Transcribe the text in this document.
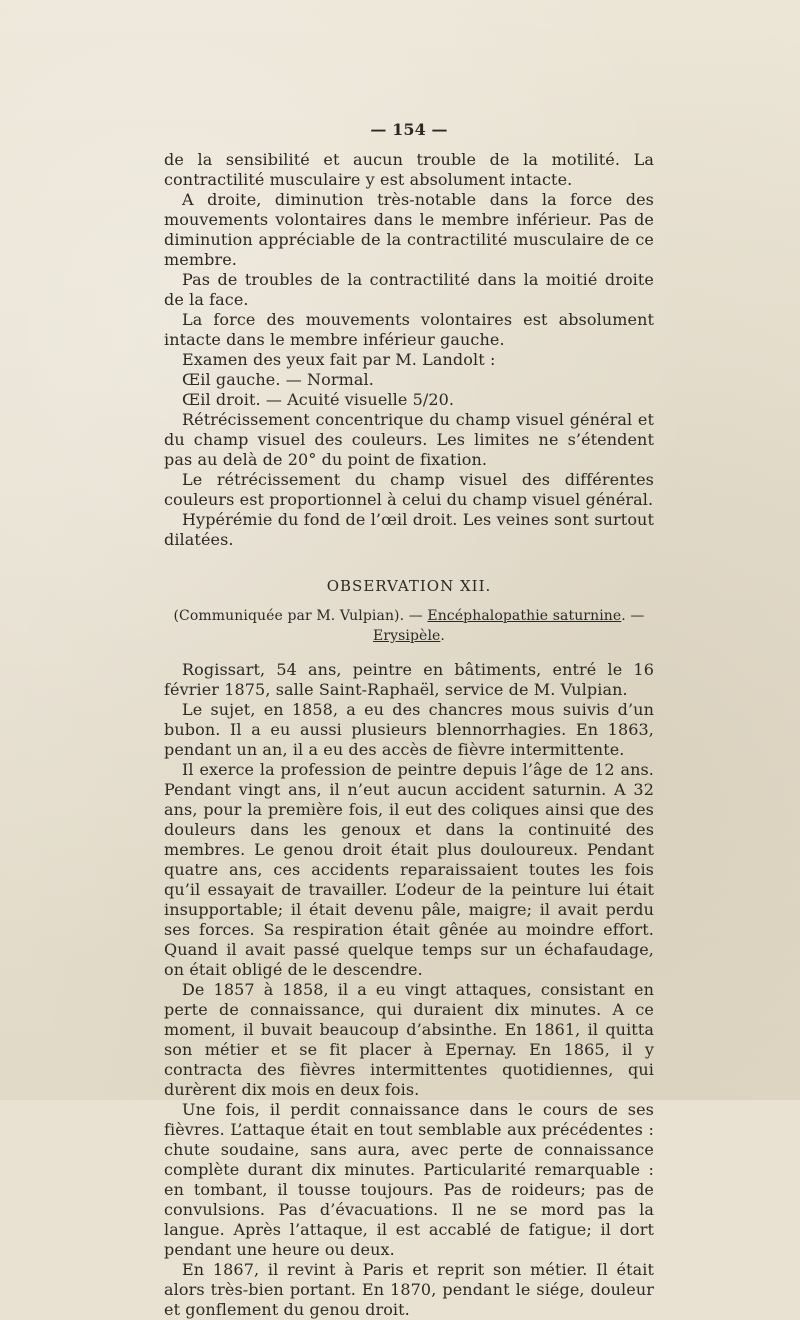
— 154 —

de la sensibilité et aucun trouble de la motilité. La contractilité musculaire y est absolument intacte.

A droite, diminution très-notable dans la force des mouvements volontaires dans le membre inférieur. Pas de diminution appréciable de la contractilité musculaire de ce membre.

Pas de troubles de la contractilité dans la moitié droite de la face.

La force des mouvements volontaires est absolument intacte dans le membre inférieur gauche.

Examen des yeux fait par M. Landolt :

Œil gauche. — Normal.

Œil droit. — Acuité visuelle 5/20.

Rétrécissement concentrique du champ visuel général et du champ visuel des couleurs. Les limites ne s’étendent pas au delà de 20° du point de fixation.

Le rétrécissement du champ visuel des différentes couleurs est proportionnel à celui du champ visuel général.

Hypérémie du fond de l’œil droit. Les veines sont surtout dilatées.

OBSERVATION XII.
(Communiquée par M. Vulpian). — Encéphalopathie saturnine. — Erysipèle.

Rogissart, 54 ans, peintre en bâtiments, entré le 16 février 1875, salle Saint-Raphaël, service de M. Vulpian.

Le sujet, en 1858, a eu des chancres mous suivis d’un bubon. Il a eu aussi plusieurs blennorrhagies. En 1863, pendant un an, il a eu des accès de fièvre intermittente.

Il exerce la profession de peintre depuis l’âge de 12 ans. Pendant vingt ans, il n’eut aucun accident saturnin. A 32 ans, pour la première fois, il eut des coliques ainsi que des douleurs dans les genoux et dans la continuité des membres. Le genou droit était plus douloureux. Pendant quatre ans, ces accidents reparaissaient toutes les fois qu’il essayait de travailler. L’odeur de la peinture lui était insupportable; il était devenu pâle, maigre; il avait perdu ses forces. Sa respiration était gênée au moindre effort. Quand il avait passé quelque temps sur un échafaudage, on était obligé de le descendre.

De 1857 à 1858, il a eu vingt attaques, consistant en perte de connaissance, qui duraient dix minutes. A ce moment, il buvait beaucoup d’absinthe. En 1861, il quitta son métier et se fit placer à Epernay. En 1865, il y contracta des fièvres intermittentes quotidiennes, qui durèrent dix mois en deux fois.

Une fois, il perdit connaissance dans le cours de ses fièvres. L’attaque était en tout semblable aux précédentes : chute soudaine, sans aura, avec perte de connaissance complète durant dix minutes. Particularité remarquable : en tombant, il tousse toujours. Pas de roideurs; pas de convulsions. Pas d’évacuations. Il ne se mord pas la langue. Après l’attaque, il est accablé de fatigue; il dort pendant une heure ou deux.

En 1867, il revint à Paris et reprit son métier. Il était alors très-bien portant. En 1870, pendant le siége, douleur et gonflement du genou droit.
